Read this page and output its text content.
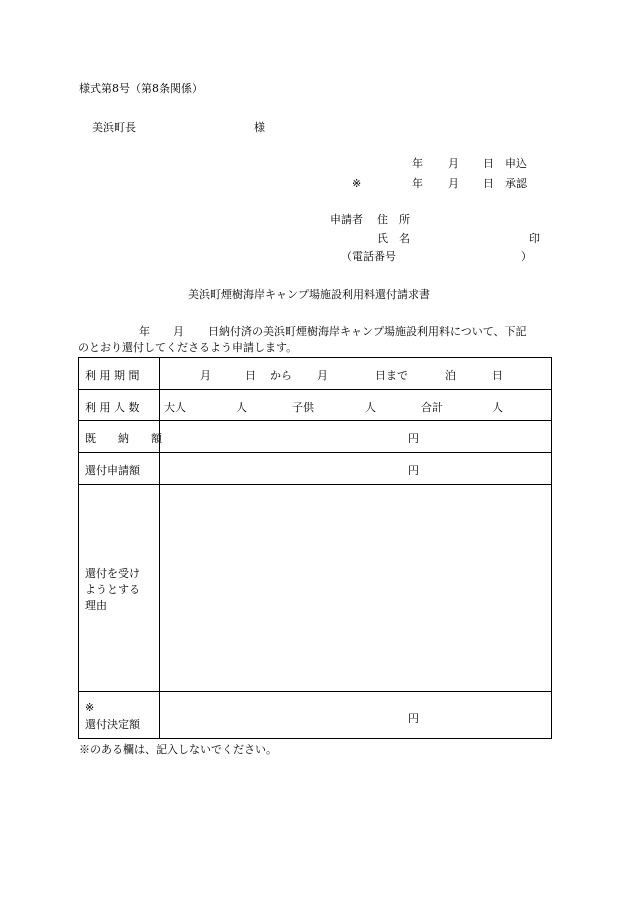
様式第8号（第8条関係）
美浜町長	様
年 月 日 申込
※	年 月 日 承認
申請者 住　所
氏　名	印
（電話番号	）
美浜町煙樹海岸キャンプ場施設利用料還付請求書
年 月 日納付済の美浜町煙樹海岸キャンプ場施設利用料について、下記
のとおり還付してくださるよう申請します。
利 用 期 間	月	日 から 月	日まで	泊	日
利 用 人 数 大人	人	子供	人	合計	人
既　　納　　額	円
還付申請額	円
還付を受け
ようとする
理由
※
還付決定額	円
※のある欄は、記入しないでください。
